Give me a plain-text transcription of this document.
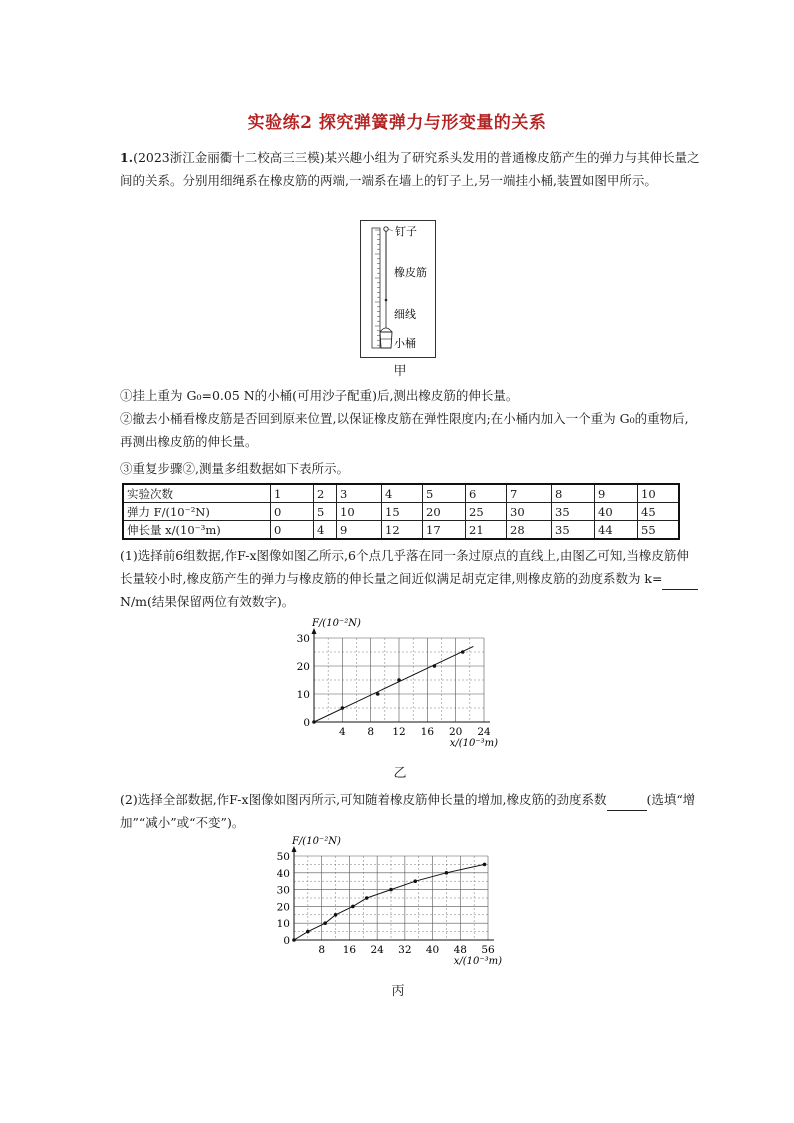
实验练2 探究弹簧弹力与形变量的关系

1.(2023浙江金丽衢十二校高三三模)某兴趣小组为了研究系头发用的普通橡皮筋产生的弹力与其伸长量之间的关系。分别用细绳系在橡皮筋的两端,一端系在墙上的钉子上,另一端挂小桶,装置如图甲所示。

钉子
橡皮筋
细线
小桶
甲

①挂上重为 G₀=0.05 N的小桶(可用沙子配重)后,测出橡皮筋的伸长量。

②撤去小桶看橡皮筋是否回到原来位置,以保证橡皮筋在弹性限度内;在小桶内加入一个重为 G₀的重物后,再测出橡皮筋的伸长量。

③重复步骤②,测量多组数据如下表所示。

实验次数	1	2	3	4	5	6	7	8	9	10
弹力 F/(10⁻²N)	0	5	10	15	20	25	30	35	40	45
伸长量 x/(10⁻³m)	0	4	9	12	17	21	28	35	44	55

(1)选择前6组数据,作F-x图像如图乙所示,6个点几乎落在同一条过原点的直线上,由图乙可知,当橡皮筋伸长量较小时,橡皮筋产生的弹力与橡皮筋的伸长量之间近似满足胡克定律,则橡皮筋的劲度系数为 k= N/m(结果保留两位有效数字)。

4 8 12 16 20 24
0
10
20
30
F/(10⁻²N)
x/(10⁻³m)
乙

(2)选择全部数据,作F-x图像如图丙所示,可知随着橡皮筋伸长量的增加,橡皮筋的劲度系数	(选填“增加”“减小”或“不变”)。

8 16 24 32 40 48 56
0
10
20
30
40
50
F/(10⁻²N)
x/(10⁻³m)
丙
